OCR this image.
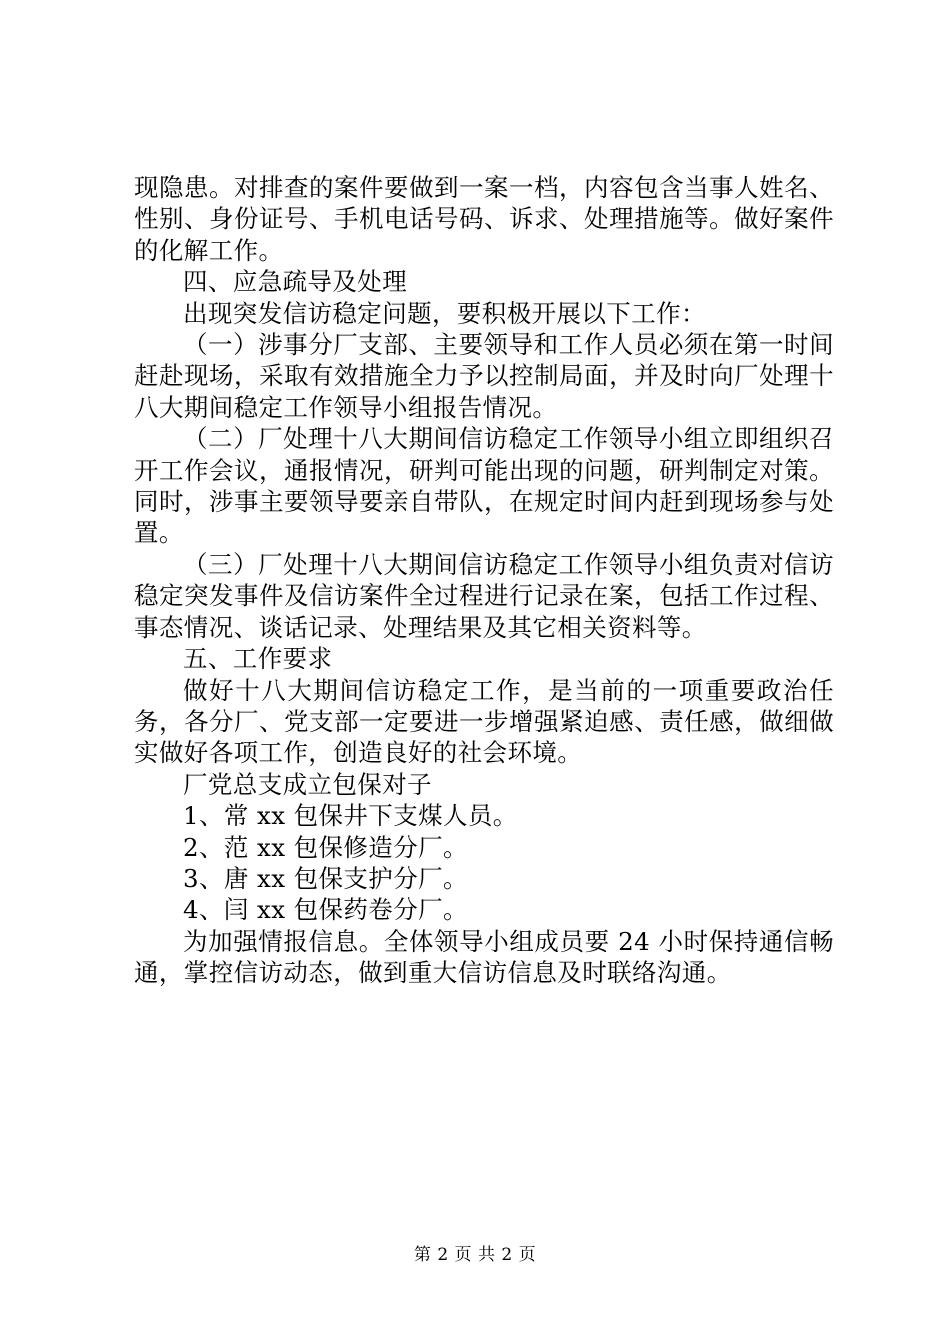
现隐患。对排查的案件要做到一案一档，内容包含当事人姓名、性别、身份证号、手机电话号码、诉求、处理措施等。做好案件的化解工作。

四、应急疏导及处理

出现突发信访稳定问题，要积极开展以下工作：

（一）涉事分厂支部、主要领导和工作人员必须在第一时间赶赴现场，采取有效措施全力予以控制局面，并及时向厂处理十八大期间稳定工作领导小组报告情况。

（二）厂处理十八大期间信访稳定工作领导小组立即组织召开工作会议，通报情况，研判可能出现的问题，研判制定对策。同时，涉事主要领导要亲自带队，在规定时间内赶到现场参与处置。

（三）厂处理十八大期间信访稳定工作领导小组负责对信访稳定突发事件及信访案件全过程进行记录在案，包括工作过程、事态情况、谈话记录、处理结果及其它相关资料等。

五、工作要求

做好十八大期间信访稳定工作，是当前的一项重要政治任务，各分厂、党支部一定要进一步增强紧迫感、责任感，做细做实做好各项工作，创造良好的社会环境。

厂党总支成立包保对子

1、常 xx 包保井下支煤人员。

2、范 xx 包保修造分厂。

3、唐 xx 包保支护分厂。

4、闫 xx 包保药卷分厂。

为加强情报信息。全体领导小组成员要 24 小时保持通信畅通，掌控信访动态，做到重大信访信息及时联络沟通。

第 2 页 共 2 页
